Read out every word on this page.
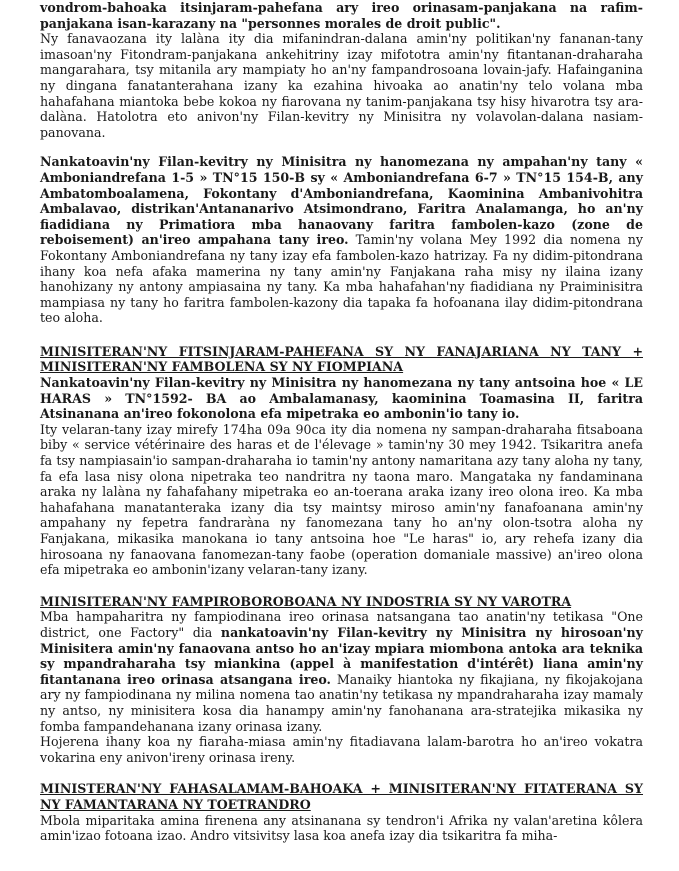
vondrom-bahoaka itsinjaram-pahefana ary ireo orinasam-panjakana na rafim-panjakana isan-karazany na "personnes morales de droit public".

Ny fanavaozana ity lalàna ity dia mifanindran-dalana amin'ny politikan'ny fananan-tany imasoan'ny Fitondram-panjakana ankehitriny izay mifototra amin'ny fitantanan-draharaha mangarahara, tsy mitanila ary mampiaty ho an'ny fampandrosoana lovain-jafy. Hafainganina ny dingana fanatanterahana izany ka ezahina hivoaka ao anatin'ny telo volana mba hahafahana miantoka bebe kokoa ny fiarovana ny tanim-panjakana tsy hisy hivarotra tsy ara-dalàna. Hatolotra eto anivon'ny Filan-kevitry ny Minisitra ny volavolan-dalana nasiam-panovana.

Nankatoavin'ny Filan-kevitry ny Minisitra ny hanomezana ny ampahan'ny tany « Amboniandrefana 1-5 » TN°15 150-B sy « Amboniandrefana 6-7 » TN°15 154-B, any Ambatomboalamena, Fokontany d'Amboniandrefana, Kaominina Ambanivohitra Ambalavao, distrikan'Antananarivo Atsimondrano, Faritra Analamanga, ho an'ny fiadidiana ny Primatiora mba hanaovany faritra fambolen-kazo (zone de reboisement) an'ireo ampahana tany ireo. Tamin'ny volana Mey 1992 dia nomena ny Fokontany Amboniandrefana ny tany izay efa fambolen-kazo hatrizay. Fa ny didim-pitondrana ihany koa nefa afaka mamerina ny tany amin'ny Fanjakana raha misy ny ilaina izany hanohizany ny antony ampiasaina ny tany. Ka mba hahafahan'ny fiadidiana ny Praiminisitra mampiasa ny tany ho faritra fambolen-kazony dia tapaka fa hofoanana ilay didim-pitondrana teo aloha.

MINISITERAN'NY FITSINJARAM-PAHEFANA SY NY FANAJARIANA NY TANY + MINISITERAN'NY FAMBOLENA SY NY FIOMPIANA

Nankatoavin'ny Filan-kevitry ny Minisitra ny hanomezana ny tany antsoina hoe « LE HARAS » TN°1592- BA ao Ambalamanasy, kaominina Toamasina II, faritra Atsinanana an'ireo fokonolona efa mipetraka eo ambonin'io tany io.

Ity velaran-tany izay mirefy 174ha 09a 90ca ity dia nomena ny sampan-draharaha fitsaboana biby « service vétérinaire des haras et de l'élevage » tamin'ny 30 mey 1942. Tsikaritra anefa fa tsy nampiasain'io sampan-draharaha io tamin'ny antony namaritana azy tany aloha ny tany, fa efa lasa nisy olona nipetraka teo nandritra ny taona maro. Mangataka ny fandaminana araka ny lalàna ny fahafahany mipetraka eo an-toerana araka izany ireo olona ireo. Ka mba hahafahana manatanteraka izany dia tsy maintsy miroso amin'ny fanafoanana amin'ny ampahany ny fepetra fandraràna ny fanomezana tany ho an'ny olon-tsotra aloha ny Fanjakana, mikasika manokana io tany antsoina hoe "Le haras" io, ary rehefa izany dia hirosoana ny fanaovana fanomezan-tany faobe (operation domaniale massive) an'ireo olona efa mipetraka eo ambonin'izany velaran-tany izany.

MINISITERAN'NY FAMPIROBOROBOANA NY INDOSTRIA SY NY VAROTRA

Mba hampaharitra ny fampiodinana ireo orinasa natsangana tao anatin'ny tetikasa "One district, one Factory" dia nankatoavin'ny Filan-kevitry ny Minisitra ny hirosoan'ny Minisitera amin'ny fanaovana antso ho an'izay mpiara miombona antoka ara teknika sy mpandraharaha tsy miankina (appel à manifestation d'intérêt) liana amin'ny fitantanana ireo orinasa atsangana ireo. Manaiky hiantoka ny fikajiana, ny fikojakojana ary ny fampiodinana ny milina nomena tao anatin'ny tetikasa ny mpandraharaha izay mamaly ny antso, ny minisitera kosa dia hanampy amin'ny fanohanana ara-stratejika mikasika ny fomba fampandehanana izany orinasa izany.

Hojerena ihany koa ny fiaraha-miasa amin'ny fitadiavana lalam-barotra ho an'ireo vokatra vokarina eny anivon'ireny orinasa ireny.

MINISTERAN'NY FAHASALAMAM-BAHOAKA + MINISITERAN'NY FITATERANA SY NY FAMANTARANA NY TOETRANDRO

Mbola miparitaka amina firenena any atsinanana sy tendron'i Afrika ny valan'aretina kôlera amin'izao fotoana izao. Andro vitsivitsy lasa koa anefa izay dia tsikaritra fa miha-
